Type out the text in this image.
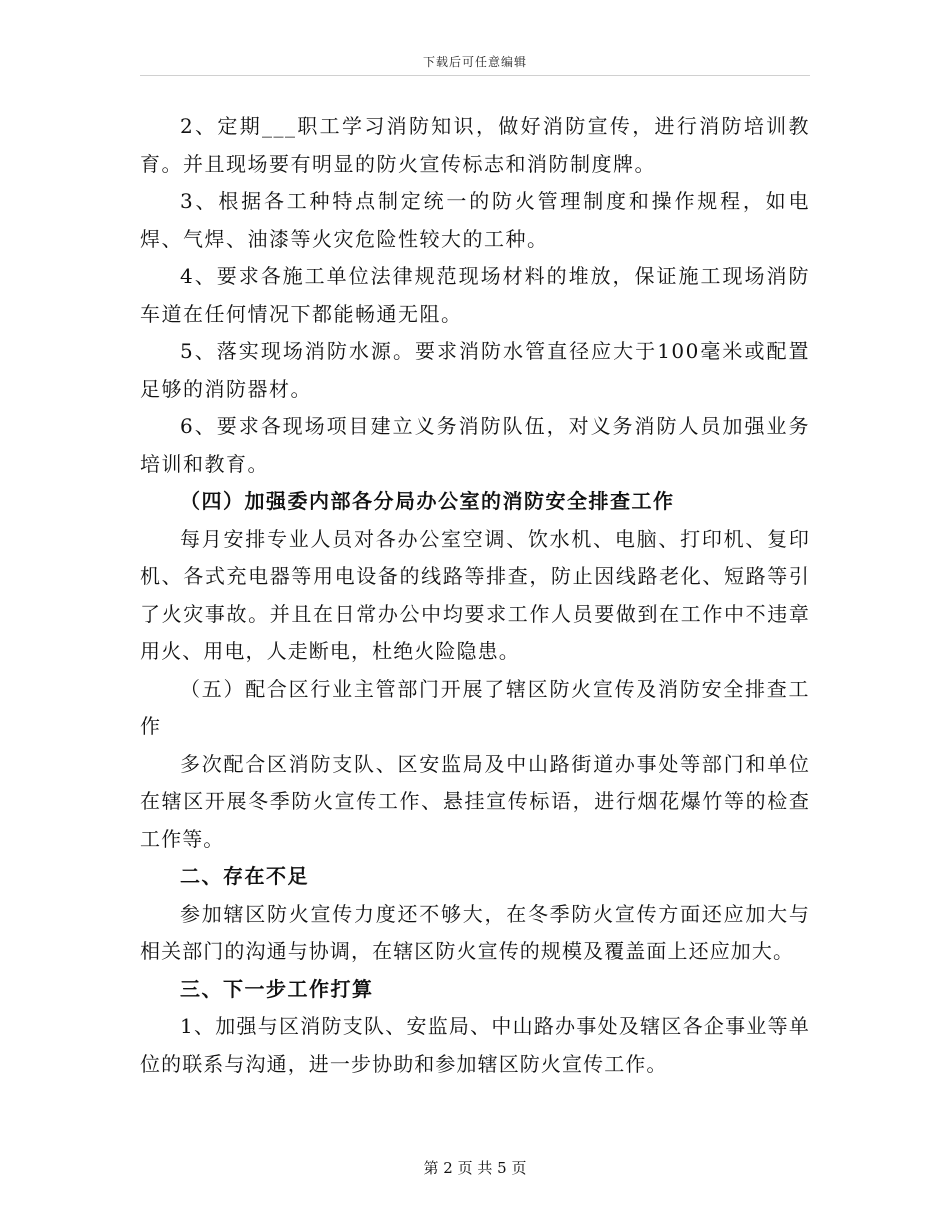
下载后可任意编辑

2、定期___职工学习消防知识，做好消防宣传，进行消防培训教育。并且现场要有明显的防火宣传标志和消防制度牌。

3、根据各工种特点制定统一的防火管理制度和操作规程，如电焊、气焊、油漆等火灾危险性较大的工种。

4、要求各施工单位法律规范现场材料的堆放，保证施工现场消防车道在任何情况下都能畅通无阻。

5、落实现场消防水源。要求消防水管直径应大于100毫米或配置足够的消防器材。

6、要求各现场项目建立义务消防队伍，对义务消防人员加强业务培训和教育。

（四）加强委内部各分局办公室的消防安全排查工作

每月安排专业人员对各办公室空调、饮水机、电脑、打印机、复印机、各式充电器等用电设备的线路等排查，防止因线路老化、短路等引了火灾事故。并且在日常办公中均要求工作人员要做到在工作中不违章用火、用电，人走断电，杜绝火险隐患。

（五）配合区行业主管部门开展了辖区防火宣传及消防安全排查工作

多次配合区消防支队、区安监局及中山路街道办事处等部门和单位在辖区开展冬季防火宣传工作、悬挂宣传标语，进行烟花爆竹等的检查工作等。

二、存在不足

参加辖区防火宣传力度还不够大，在冬季防火宣传方面还应加大与相关部门的沟通与协调，在辖区防火宣传的规模及覆盖面上还应加大。

三、下一步工作打算

1、加强与区消防支队、安监局、中山路办事处及辖区各企事业等单位的联系与沟通，进一步协助和参加辖区防火宣传工作。

第 2 页 共 5 页
